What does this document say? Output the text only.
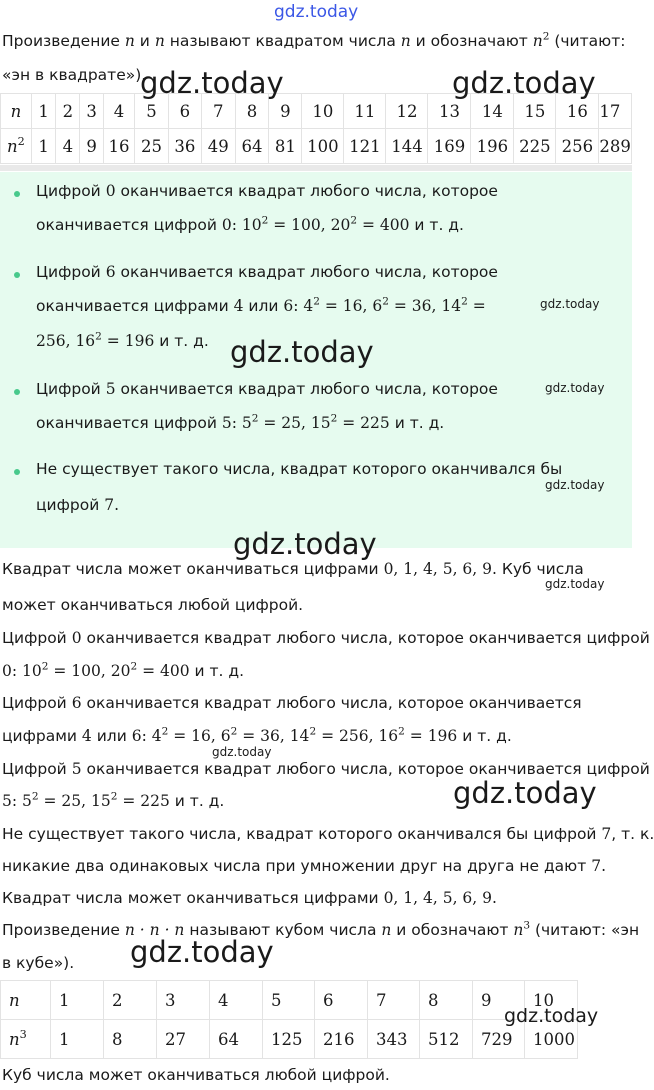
gdz.today
Произведение n и n называют квадратом числа n и обозначают $n^2$ (читают:
«эн в квадрате»).
n	1	2	3	4	5	6	7	8	9	10	11	12	13	14	15	16	17
$n^2$	1	4	9	16	25	36	49	64	81	100	121	144	169	196	225	256	289
Цифрой 0 оканчивается квадрат любого числа, которое
оканчивается цифрой 0: $10^2 = 100$, $20^2 = 400$ и т. д.
Цифрой 6 оканчивается квадрат любого числа, которое
оканчивается цифрами 4 или 6: $4^2 = 16$, $6^2 = 36$, $14^2$ =
256, $16^2 = 196$ и т. д.
Цифрой 5 оканчивается квадрат любого числа, которое
оканчивается цифрой 5: $5^2 = 25$, $15^2 = 225$ и т. д.
Не существует такого числа, квадрат которого оканчивался бы
цифрой 7.
Квадрат числа может оканчиваться цифрами 0, 1, 4, 5, 6, 9. Куб числа
может оканчиваться любой цифрой.
Цифрой 0 оканчивается квадрат любого числа, которое оканчивается цифрой
0: $10^2 = 100$, $20^2 = 400$ и т. д.
Цифрой 6 оканчивается квадрат любого числа, которое оканчивается
цифрами 4 или 6: $4^2 = 16$, $6^2 = 36$, $14^2 = 256$, $16^2 = 196$ и т. д.
Цифрой 5 оканчивается квадрат любого числа, которое оканчивается цифрой
5: $5^2 = 25$, $15^2 = 225$ и т. д.
Не существует такого числа, квадрат которого оканчивался бы цифрой 7, т. к.
никакие два одинаковых числа при умножении друг на друга не дают 7.
Квадрат числа может оканчиваться цифрами 0, 1, 4, 5, 6, 9.
Произведение n · n · n называют кубом числа n и обозначают $n^3$ (читают: «эн
в кубе»).
n	1	2	3	4	5	6	7	8	9	10
$n^3$	1	8	27	64	125	216	343	512	729	1000
Куб числа может оканчиваться любой цифрой.
gdz.today	gdz.today
gdz.today
gdz.today
gdz.today
gdz.today
gdz.today
gdz.today
gdz.today
gdz.today
gdz.today
gdz.today
